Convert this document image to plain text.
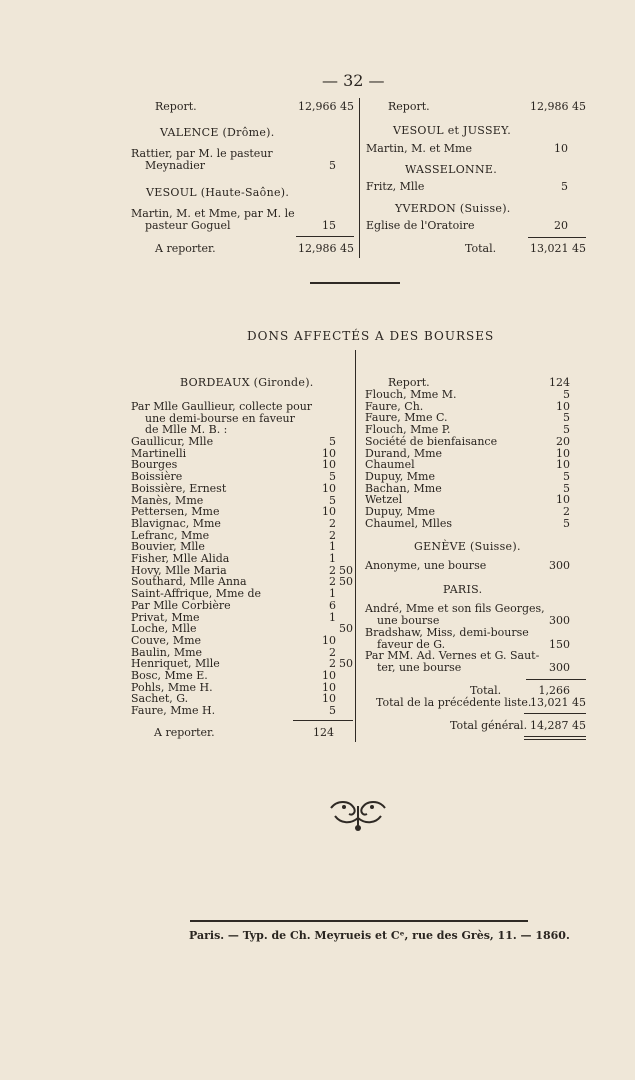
— 32 —
Report.	12,966 45
VALENCE (Drôme).
Rattier, par M. le pasteur
Meynadier	5
VESOUL (Haute-Saône).
Martin, M. et Mme, par M. le
pasteur Goguel	15
A reporter.	12,986 45
Report.	12,986 45
VESOUL et JUSSEY.
Martin, M. et Mme	10
WASSELONNE.
Fritz, Mlle	5
YVERDON (Suisse).
Eglise de l'Oratoire	20
Total.	13,021 45
DONS AFFECTÉS A DES BOURSES
BORDEAUX (Gironde).
Par Mlle Gaullieur, collecte pour
une demi-bourse en faveur
de Mlle M. B. :
Gaullicur, Mlle	5
Martinelli	10
Bourges	10
Boissière	5
Boissière, Ernest	10
Manès, Mme	5
Pettersen, Mme	10
Blavignac, Mme	2
Lefranc, Mme	2
Bouvier, Mlle	1
Fisher, Mlle Alida	1
Hovy, Mlle Maria	2 50
Southard, Mlle Anna	2 50
Saint-Affrique, Mme de	1
Par Mlle Corbière	6
Privat, Mme	1
Loche, Mlle	50
Couve, Mme	10
Baulin, Mme	2
Henriquet, Mlle	2 50
Bosc, Mme E.	10
Pohls, Mme H.	10
Sachet, G.	10
Faure, Mme H.	5
A reporter.	124
Report.	124
Flouch, Mme M.	5
Faure, Ch.	10
Faure, Mme C.	5
Flouch, Mme P.	5
Société de bienfaisance	20
Durand, Mme	10
Chaumel	10
Dupuy, Mme	5
Bachan, Mme	5
Wetzel	10
Dupuy, Mme	2
Chaumel, Mlles	5
GENÈVE (Suisse).
Anonyme, une bourse	300
PARIS.
André, Mme et son fils Georges,
une bourse	300
Bradshaw, Miss, demi-bourse
faveur de G.	150
Par MM. Ad. Vernes et G. Saut-
ter, une bourse	300
Total.	1,266
Total de la précédente liste.
13,021 45
Total général. 14,287 45
Paris. — Typ. de Ch. Meyrueis et Cᵉ, rue des Grès, 11. — 1860.
